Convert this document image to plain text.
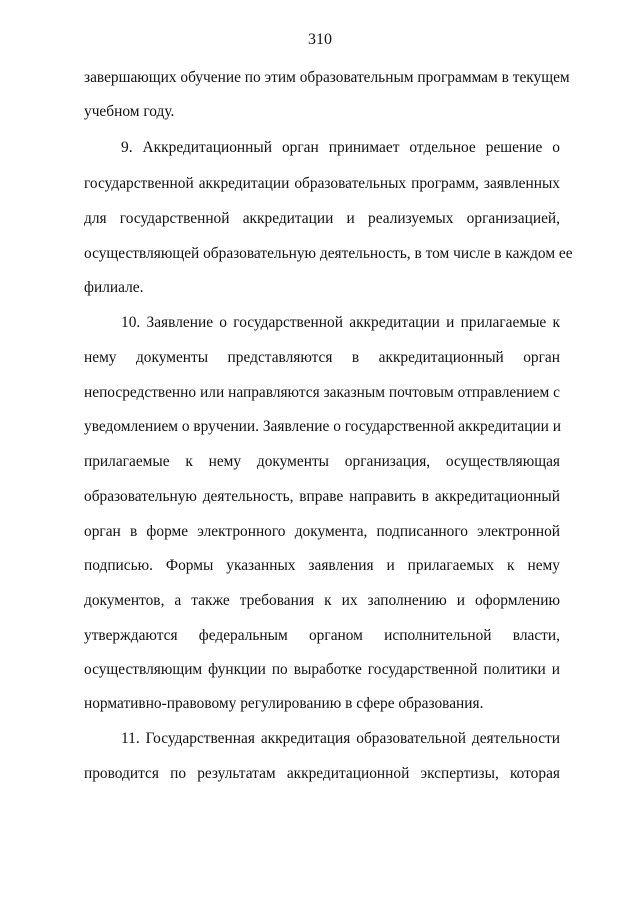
310
завершающих обучение по этим образовательным программам в текущем
учебном году.
9. Аккредитационный орган принимает отдельное решение о
государственной аккредитации образовательных программ, заявленных
для государственной аккредитации и реализуемых организацией,
осуществляющей образовательную деятельность, в том числе в каждом ее
филиале.
10. Заявление о государственной аккредитации и прилагаемые к
нему документы представляются в аккредитационный орган
непосредственно или направляются заказным почтовым отправлением с
уведомлением о вручении. Заявление о государственной аккредитации и
прилагаемые к нему документы организация, осуществляющая
образовательную деятельность, вправе направить в аккредитационный
орган в форме электронного документа, подписанного электронной
подписью. Формы указанных заявления и прилагаемых к нему
документов, а также требования к их заполнению и оформлению
утверждаются федеральным органом исполнительной власти,
осуществляющим функции по выработке государственной политики и
нормативно-правовому регулированию в сфере образования.
11. Государственная аккредитация образовательной деятельности
проводится по результатам аккредитационной экспертизы, которая
